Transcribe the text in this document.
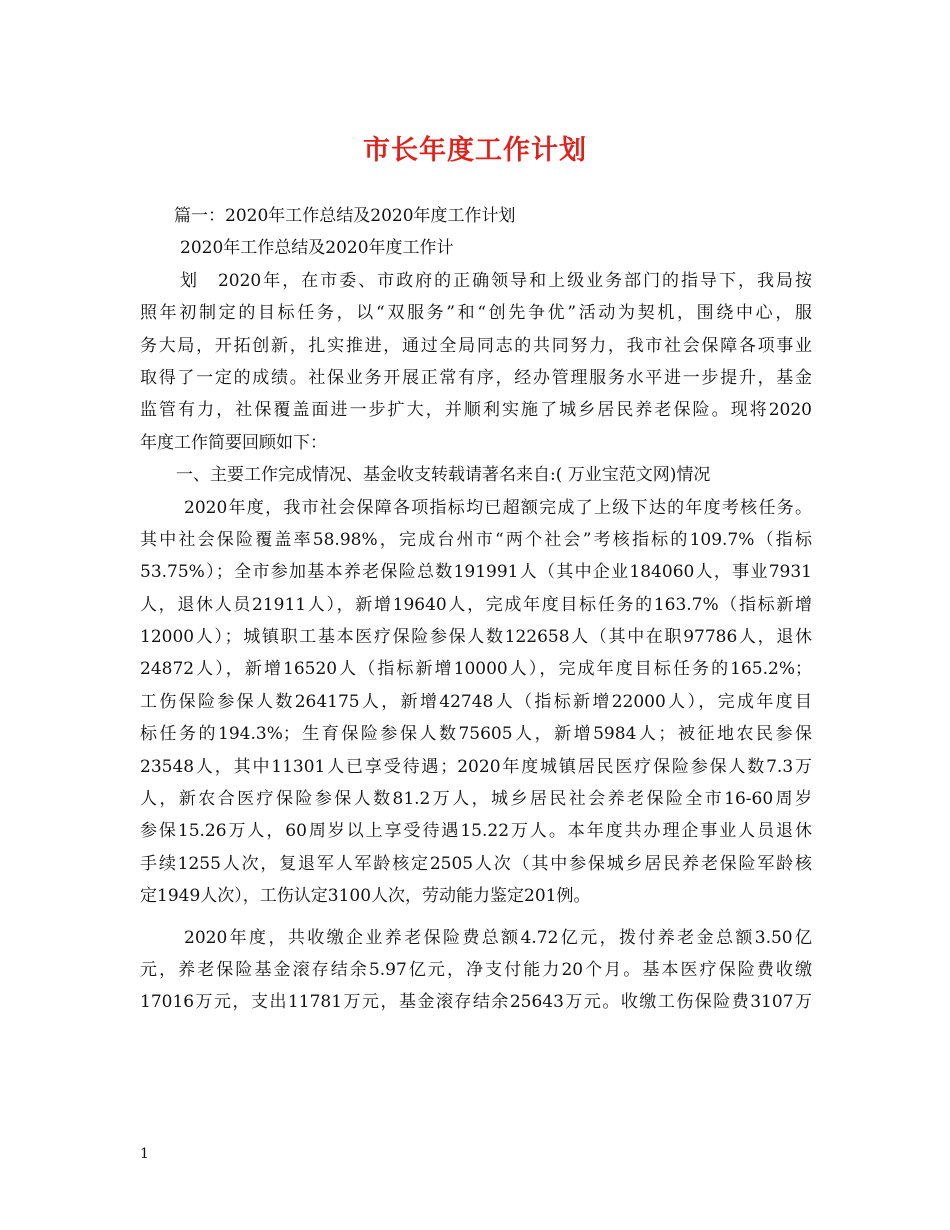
市长年度工作计划
篇一：2020年工作总结及2020年度工作计划
2020年工作总结及2020年度工作计
划　2020年，在市委、市政府的正确领导和上级业务部门的指导下，我局按
照年初制定的目标任务，以“双服务”和“创先争优”活动为契机，围绕中心，服
务大局，开拓创新，扎实推进，通过全局同志的共同努力，我市社会保障各项事业
取得了一定的成绩。社保业务开展正常有序，经办管理服务水平进一步提升，基金
监管有力，社保覆盖面进一步扩大，并顺利实施了城乡居民养老保险。现将2020
年度工作简要回顾如下：
一、主要工作完成情况、基金收支转载请著名来自:( 万业宝范文网)情况
2020年度，我市社会保障各项指标均已超额完成了上级下达的年度考核任务。
其中社会保险覆盖率58.98%，完成台州市“两个社会”考核指标的109.7%（指标
53.75%）；全市参加基本养老保险总数191991人（其中企业184060人，事业7931
人，退休人员21911人），新增19640人，完成年度目标任务的163.7%（指标新增
12000人）；城镇职工基本医疗保险参保人数122658人（其中在职97786人，退休
24872人），新增16520人（指标新增10000人），完成年度目标任务的165.2%；
工伤保险参保人数264175人，新增42748人（指标新增22000人），完成年度目
标任务的194.3%；生育保险参保人数75605人，新增5984人；被征地农民参保
23548人，其中11301人已享受待遇；2020年度城镇居民医疗保险参保人数7.3万
人，新农合医疗保险参保人数81.2万人，城乡居民社会养老保险全市16-60周岁
参保15.26万人，60周岁以上享受待遇15.22万人。本年度共办理企事业人员退休
手续1255人次，复退军人军龄核定2505人次（其中参保城乡居民养老保险军龄核
定1949人次），工伤认定3100人次，劳动能力鉴定201例。
2020年度，共收缴企业养老保险费总额4.72亿元，拨付养老金总额3.50亿
元，养老保险基金滚存结余5.97亿元，净支付能力20个月。基本医疗保险费收缴
17016万元，支出11781万元，基金滚存结余25643万元。收缴工伤保险费3107万
1
